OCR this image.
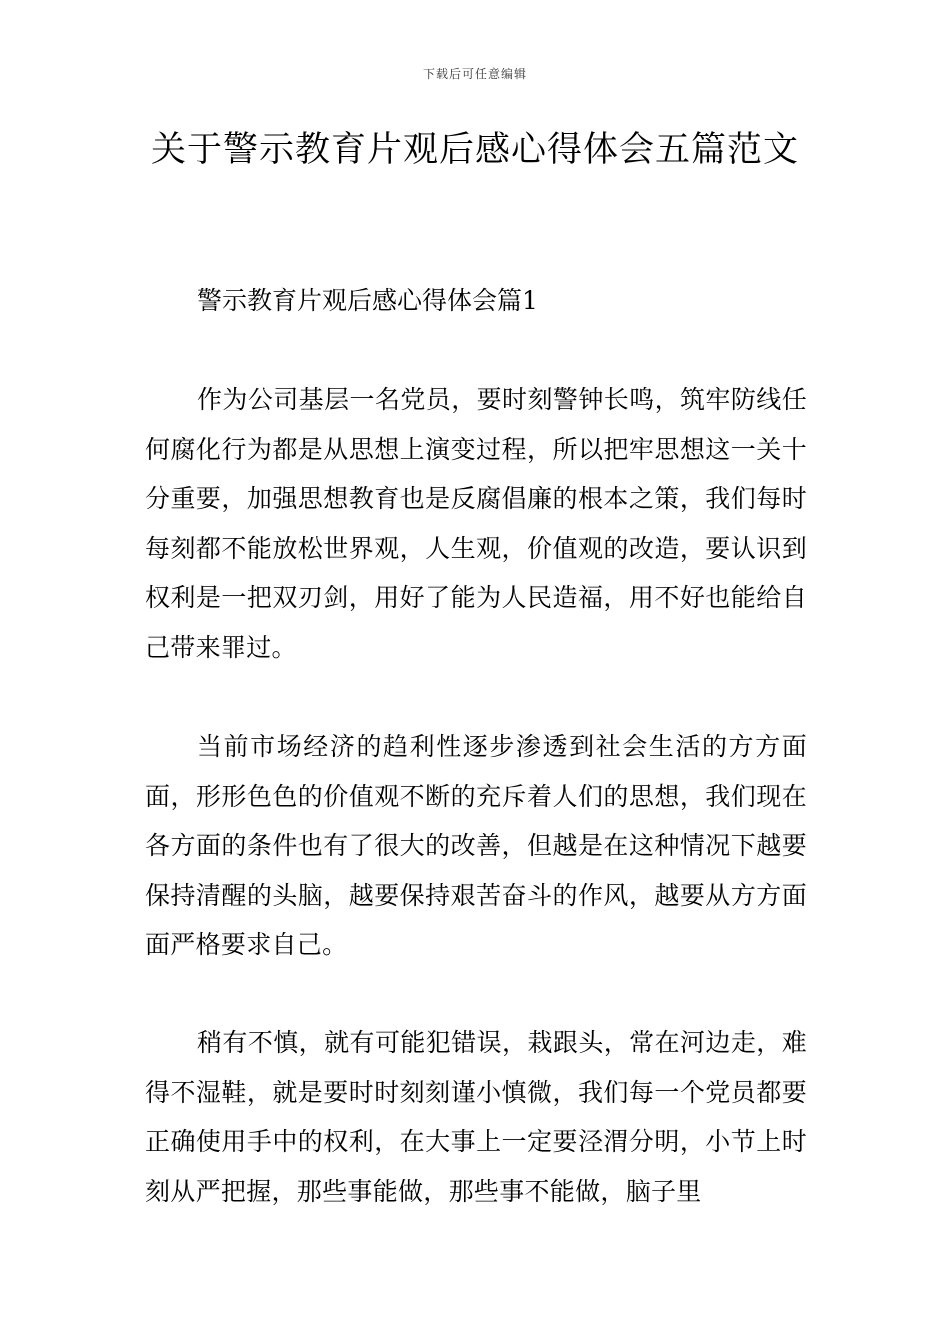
下载后可任意编辑
关于警示教育片观后感心得体会五篇范文
警示教育片观后感心得体会篇1
作为公司基层一名党员，要时刻警钟长鸣，筑牢防线任何腐化行为都是从思想上演变过程，所以把牢思想这一关十分重要，加强思想教育也是反腐倡廉的根本之策，我们每时每刻都不能放松世界观，人生观，价值观的改造，要认识到权利是一把双刃剑，用好了能为人民造福，用不好也能给自己带来罪过。
当前市场经济的趋利性逐步渗透到社会生活的方方面面，形形色色的价值观不断的充斥着人们的思想，我们现在各方面的条件也有了很大的改善，但越是在这种情况下越要保持清醒的头脑，越要保持艰苦奋斗的作风，越要从方方面面严格要求自己。
稍有不慎，就有可能犯错误，栽跟头，常在河边走，难得不湿鞋，就是要时时刻刻谨小慎微，我们每一个党员都要正确使用手中的权利，在大事上一定要泾渭分明，小节上时刻从严把握，那些事能做，那些事不能做，脑子里
